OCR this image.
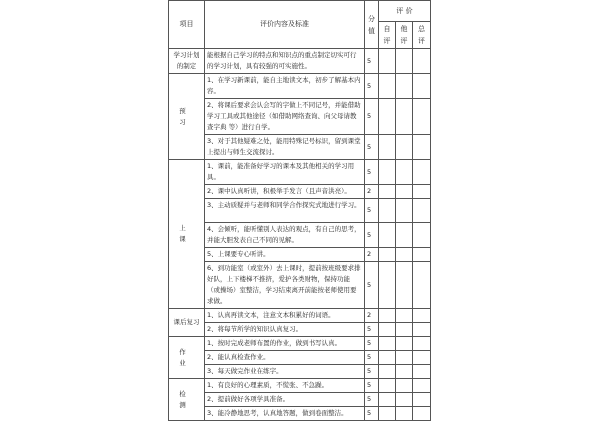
项目	评价内容及标准	分值	评 价		

			自评	他评	总评

学习计划的制定	能根据自己学习的特点和知识点的重点制定切实可行的学习计划，具有较强的可实施性。	5			
预　习	1、在学习新课前，能自主地读文本，初步了解基本内容。	5			
	2、将课后要求会认会写的字做上不同记号，并能借助学习工具或其他途径（如借助网络查询、向父母请教查字典 等）进行自学。	5			
	3、对于其他疑难之处，能用特殊记号标识，留到课堂上提出与师生交流探讨。	5			
上　课	1、课前，能准备好学习的课本及其他相关的学习用具。	5			
	2、课中认真听讲，积极举手发言（且声音洪亮）。	2			
	3、主动质疑并与老师和同学合作探究式地进行学习。	5			
	4、会倾听，能听懂别人表达的观点，有自己的思考，并能大胆发表自己不同的见解。	5			
	5、上课要专心听讲。	2			
	6、到功能室（或室外）去上课时，提前按班级要求排好队，上下楼梯不推挤，爱护各类财物，保持功能（或操场）室整洁，学习结束离开前能按老师使用要求做。	5			
课后复习	1、认真再读文本，注意文本积累好的词语。	2			
	2、将每节所学的知识认真复习。	5			
作　业	1、按时完成老师布置的作业，做到书写认真。	5			
	2、能认真检查作业。	5			
	3、每天做完作业在练字。	5			
检　测	1、有良好的心理素质，不慌张、不急躁。	5			
	2、提前做好各项学具准备。	5			
	3、能冷静地思考，认真地答题，做到卷面整洁。	5			
